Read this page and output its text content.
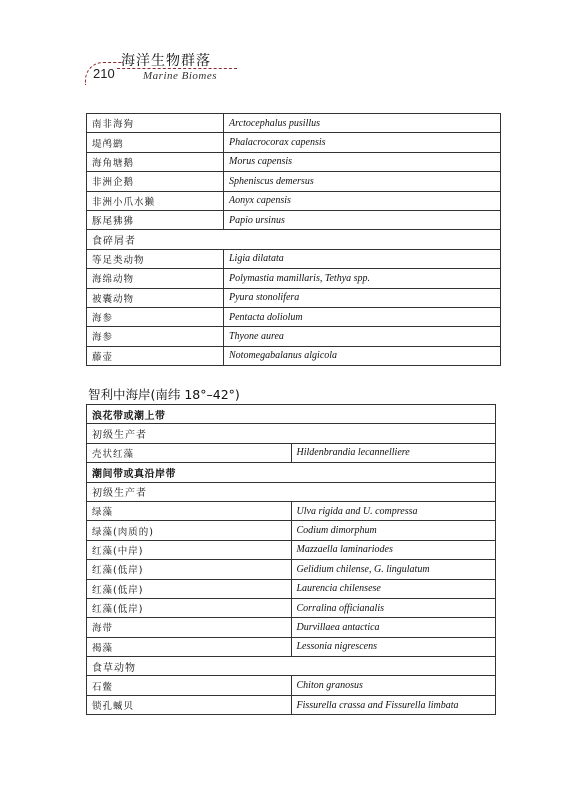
210
海洋生物群落
Marine Biomes
南非海狗	Arctocephalus pusillus
堤鸬鹚	Phalacrocorax capensis
海角塘鹅	Morus capensis
非洲企鹅	Spheniscus demersus
非洲小爪水獭	Aonyx capensis
豚尾狒狒	Papio ursinus
食碎屑者	
等足类动物	Ligia dilatata
海绵动物	Polymastia mamillaris, Tethya spp.
被囊动物	Pyura stonolifera
海参	Pentacta doliolum
海参	Thyone aurea
藤壶	Notomegabalanus algicola
智利中海岸(南纬 18°–42°)
浪花带或潮上带	
初级生产者	
壳状红藻	Hildenbrandia lecannelliere
潮间带或真沿岸带	
初级生产者	
绿藻	Ulva rigida and U. compressa
绿藻(肉质的)	Codium dimorphum
红藻(中岸)	Mazzaella laminariodes
红藻(低岸)	Gelidium chilense, G. lingulatum
红藻(低岸)	Laurencia chilensese
红藻(低岸)	Corralina officianalis
海带	Durvillaea antactica
褐藻	Lessonia nigrescens
食草动物	
石鳖	Chiton granosus
锁孔蝛贝	Fissurella crassa and Fissurella limbata
